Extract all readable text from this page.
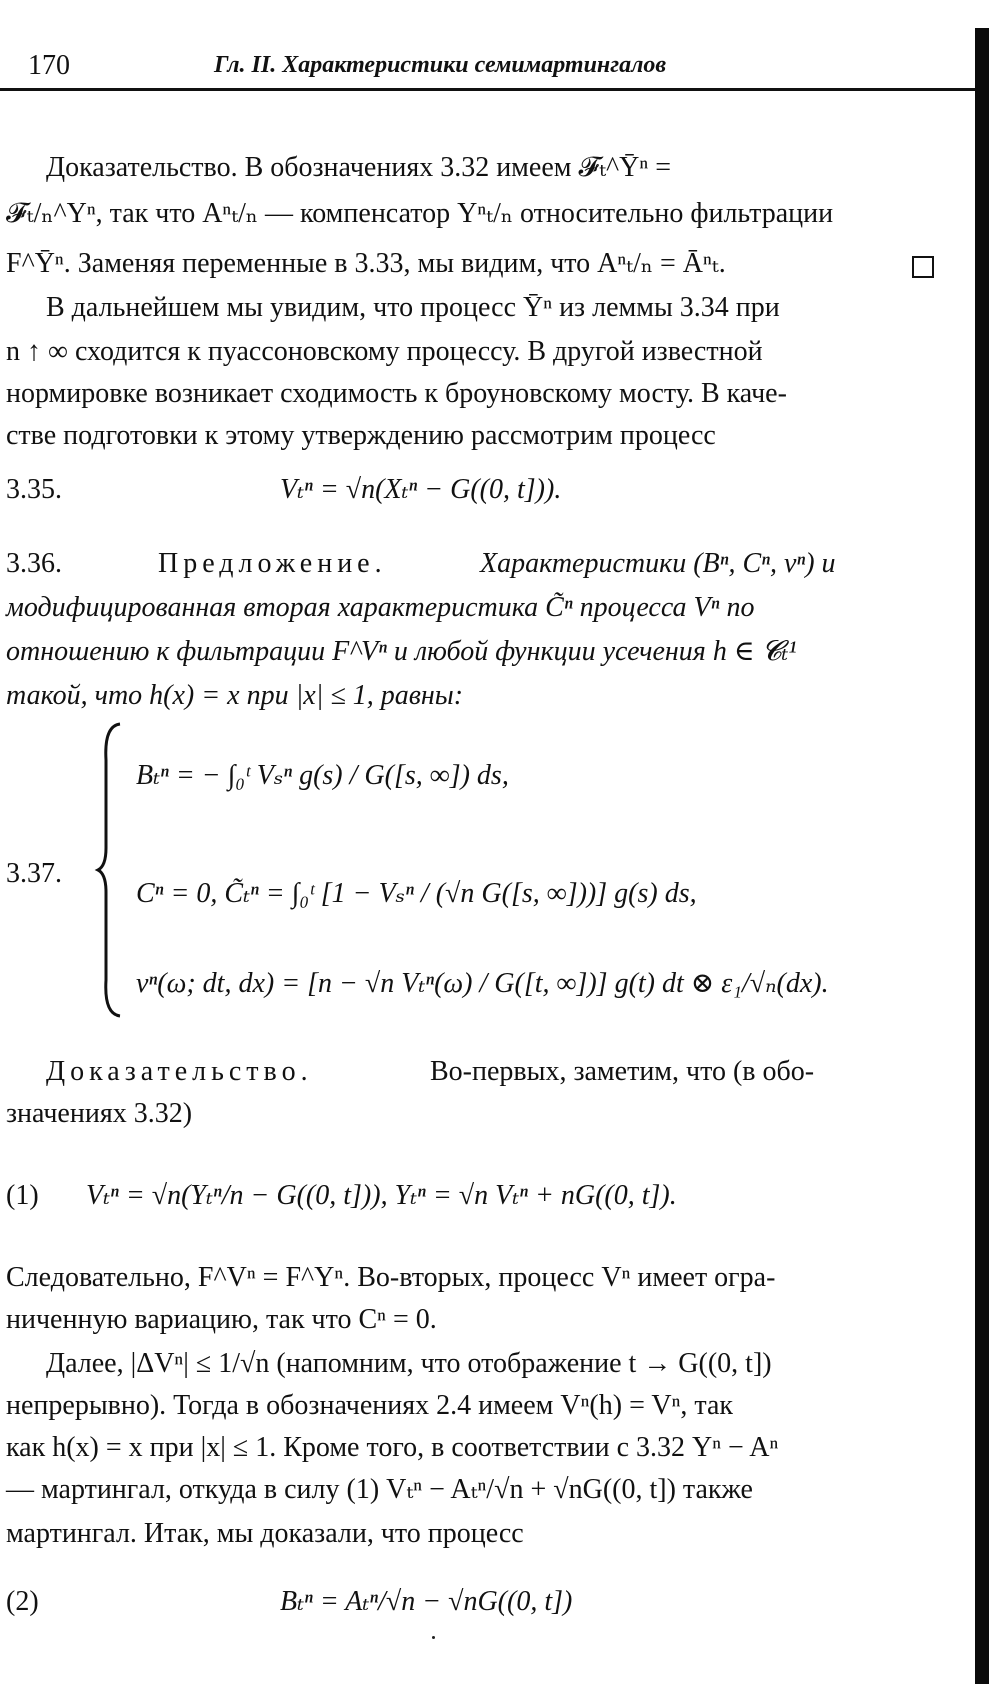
170	Гл. II. Характеристики семимартингалов
Доказательство. В обозначениях 3.32 имеем 𝓕ₜ^Ȳⁿ =
𝓕ₜ/ₙ^Yⁿ, так что Aⁿₜ/ₙ — компенсатор Yⁿₜ/ₙ относительно фильтрации
F^Ȳⁿ. Заменяя переменные в 3.33, мы видим, что Aⁿₜ/ₙ = Āⁿₜ.
В дальнейшем мы увидим, что процесс Ȳⁿ из леммы 3.34 при
n ↑ ∞ сходится к пуассоновскому процессу. В другой известной
нормировке возникает сходимость к броуновскому мосту. В каче-
стве подготовки к этому утверждению рассмотрим процесс
3.35.	Vₜⁿ = √n(Xₜⁿ − G((0, t])).
3.36.	Предложение.	Характеристики (Bⁿ, Cⁿ, νⁿ) и
модифицированная вторая характеристика C̃ⁿ процесса Vⁿ по
отношению к фильтрации F^Vⁿ и любой функции усечения h ∈ 𝓒ₜ¹
такой, что h(x) = x при |x| ≤ 1, равны:
3.37.
Bₜⁿ = − ∫₀ᵗ Vₛⁿ g(s) / G([s, ∞]) ds,
Cⁿ = 0, C̃ₜⁿ = ∫₀ᵗ [1 − Vₛⁿ / (√n G([s, ∞]))] g(s) ds,
νⁿ(ω; dt, dx) = [n − √n Vₜⁿ(ω) / G([t, ∞])] g(t) dt ⊗ ε₁/√ₙ(dx).
Доказательство.	Во-первых, заметим, что (в обо-
значениях 3.32)
(1) Vₜⁿ = √n(Yₜⁿ/n − G((0, t])), Yₜⁿ = √n Vₜⁿ + nG((0, t]).
Следовательно, F^Vⁿ = F^Yⁿ. Во-вторых, процесс Vⁿ имеет огра-
ниченную вариацию, так что Cⁿ = 0.
Далее, |ΔVⁿ| ≤ 1/√n (напомним, что отображение t → G((0, t])
непрерывно). Тогда в обозначениях 2.4 имеем Vⁿ(h) = Vⁿ, так
как h(x) = x при |x| ≤ 1. Кроме того, в соответствии с 3.32 Yⁿ − Aⁿ
— мартингал, откуда в силу (1) Vₜⁿ − Aₜⁿ/√n + √nG((0, t]) также
мартингал. Итак, мы доказали, что процесс
(2)	Bₜⁿ = Aₜⁿ/√n − √nG((0, t])
